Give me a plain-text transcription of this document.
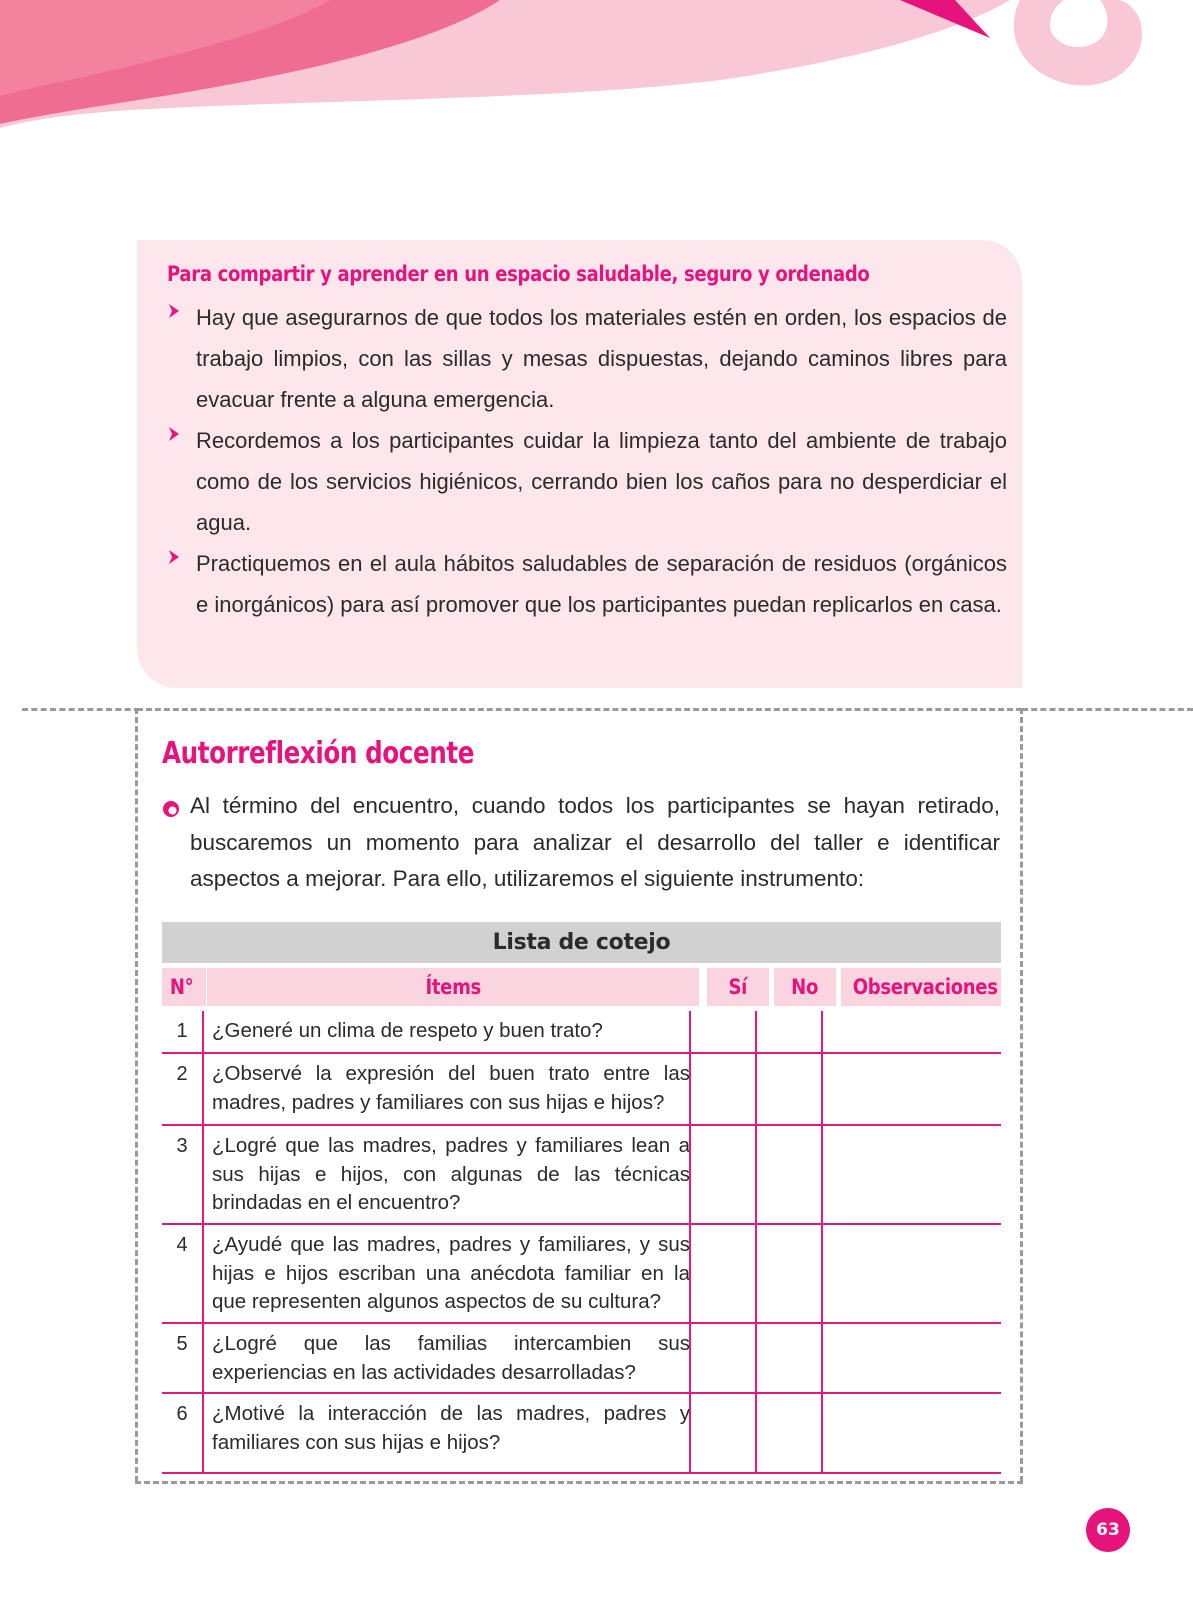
Para compartir y aprender en un espacio saludable, seguro y ordenado
Hay que asegurarnos de que todos los materiales estén en orden, los espacios de trabajo limpios, con las sillas y mesas dispuestas, dejando caminos libres para evacuar frente a alguna emergencia.
Recordemos a los participantes cuidar la limpieza tanto del ambiente de trabajo como de los servicios higiénicos, cerrando bien los caños para no desperdiciar el agua.
Practiquemos en el aula hábitos saludables de separación de residuos (orgánicos e inorgánicos) para así promover que los participantes puedan replicarlos en casa.
Autorreflexión docente
Al término del encuentro, cuando todos los participantes se hayan retirado, buscaremos un momento para analizar el desarrollo del taller e identificar aspectos a mejorar. Para ello, utilizaremos el siguiente instrumento:
Lista de cotejo
N°	Ítems	Sí	No	Observaciones
1	¿Generé un clima de respeto y buen trato?
2	¿Observé la expresión del buen trato entre las madres, padres y familiares con sus hijas e hijos?
3	¿Logré que las madres, padres y familiares lean a sus hijas e hijos, con algunas de las técnicas brindadas en el encuentro?
4	¿Ayudé que las madres, padres y familiares, y sus hijas e hijos escriban una anécdota familiar en la que representen algunos aspectos de su cultura?
5	¿Logré que las familias intercambien sus experiencias en las actividades desarrolladas?
6	¿Motivé la interacción de las madres, padres y familiares con sus hijas e hijos?
63
